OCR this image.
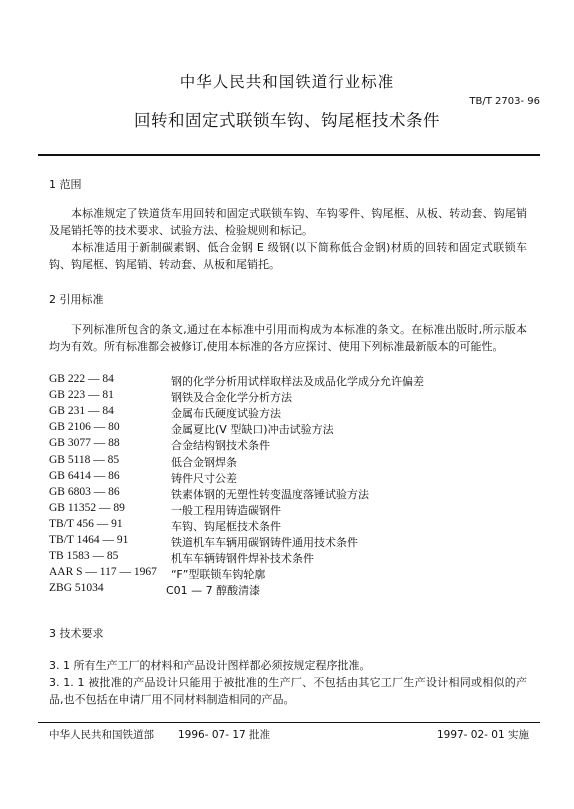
中华人民共和国铁道行业标准
TB/T 2703- 96
回转和固定式联锁车钩、钩尾框技术条件
1 范围
本标准规定了铁道货车用回转和固定式联锁车钩、车钩零件、钩尾框、从板、转动套、钩尾销及尾销托等的技术要求、试验方法、检验规则和标记。
本标准适用于新制碳素钢、低合金钢 E 级钢(以下简称低合金钢)材质的回转和固定式联锁车钩、钩尾框、钩尾销、转动套、从板和尾销托。
2 引用标准
下列标准所包含的条文,通过在本标准中引用而构成为本标准的条文。在标准出版时,所示版本均为有效。所有标准都会被修订,使用本标准的各方应探讨、使用下列标准最新版本的可能性。
GB 222 — 84	钢的化学分析用试样取样法及成品化学成分允许偏差
GB 223 — 81	钢铁及合金化学分析方法
GB 231 — 84	金属布氏硬度试验方法
GB 2106 — 80	金属夏比(V 型缺口)冲击试验方法
GB 3077 — 88	合金结构钢技术条件
GB 5118 — 85	低合金钢焊条
GB 6414 — 86	铸件尺寸公差
GB 6803 — 86	铁素体钢的无塑性转变温度落锤试验方法
GB 11352 — 89	一般工程用铸造碳钢件
TB/T 456 — 91	车钩、钩尾框技术条件
TB/T 1464 — 91	铁道机车车辆用碳钢铸件通用技术条件
TB 1583 — 85	机车车辆铸钢件焊补技术条件
AAR S — 117 — 1967 “F”型联锁车钩轮廓
ZBG 51034	C01 — 7 醇酸清漆
3 技术要求
3. 1 所有生产工厂的材料和产品设计图样都必须按规定程序批准。
3. 1. 1 被批准的产品设计只能用于被批准的生产厂、不包括由其它工厂生产设计相同或相似的产品,也不包括在申请厂用不同材料制造相同的产品。
中华人民共和国铁道部 1996- 07- 17 批准	1997- 02- 01 实施
